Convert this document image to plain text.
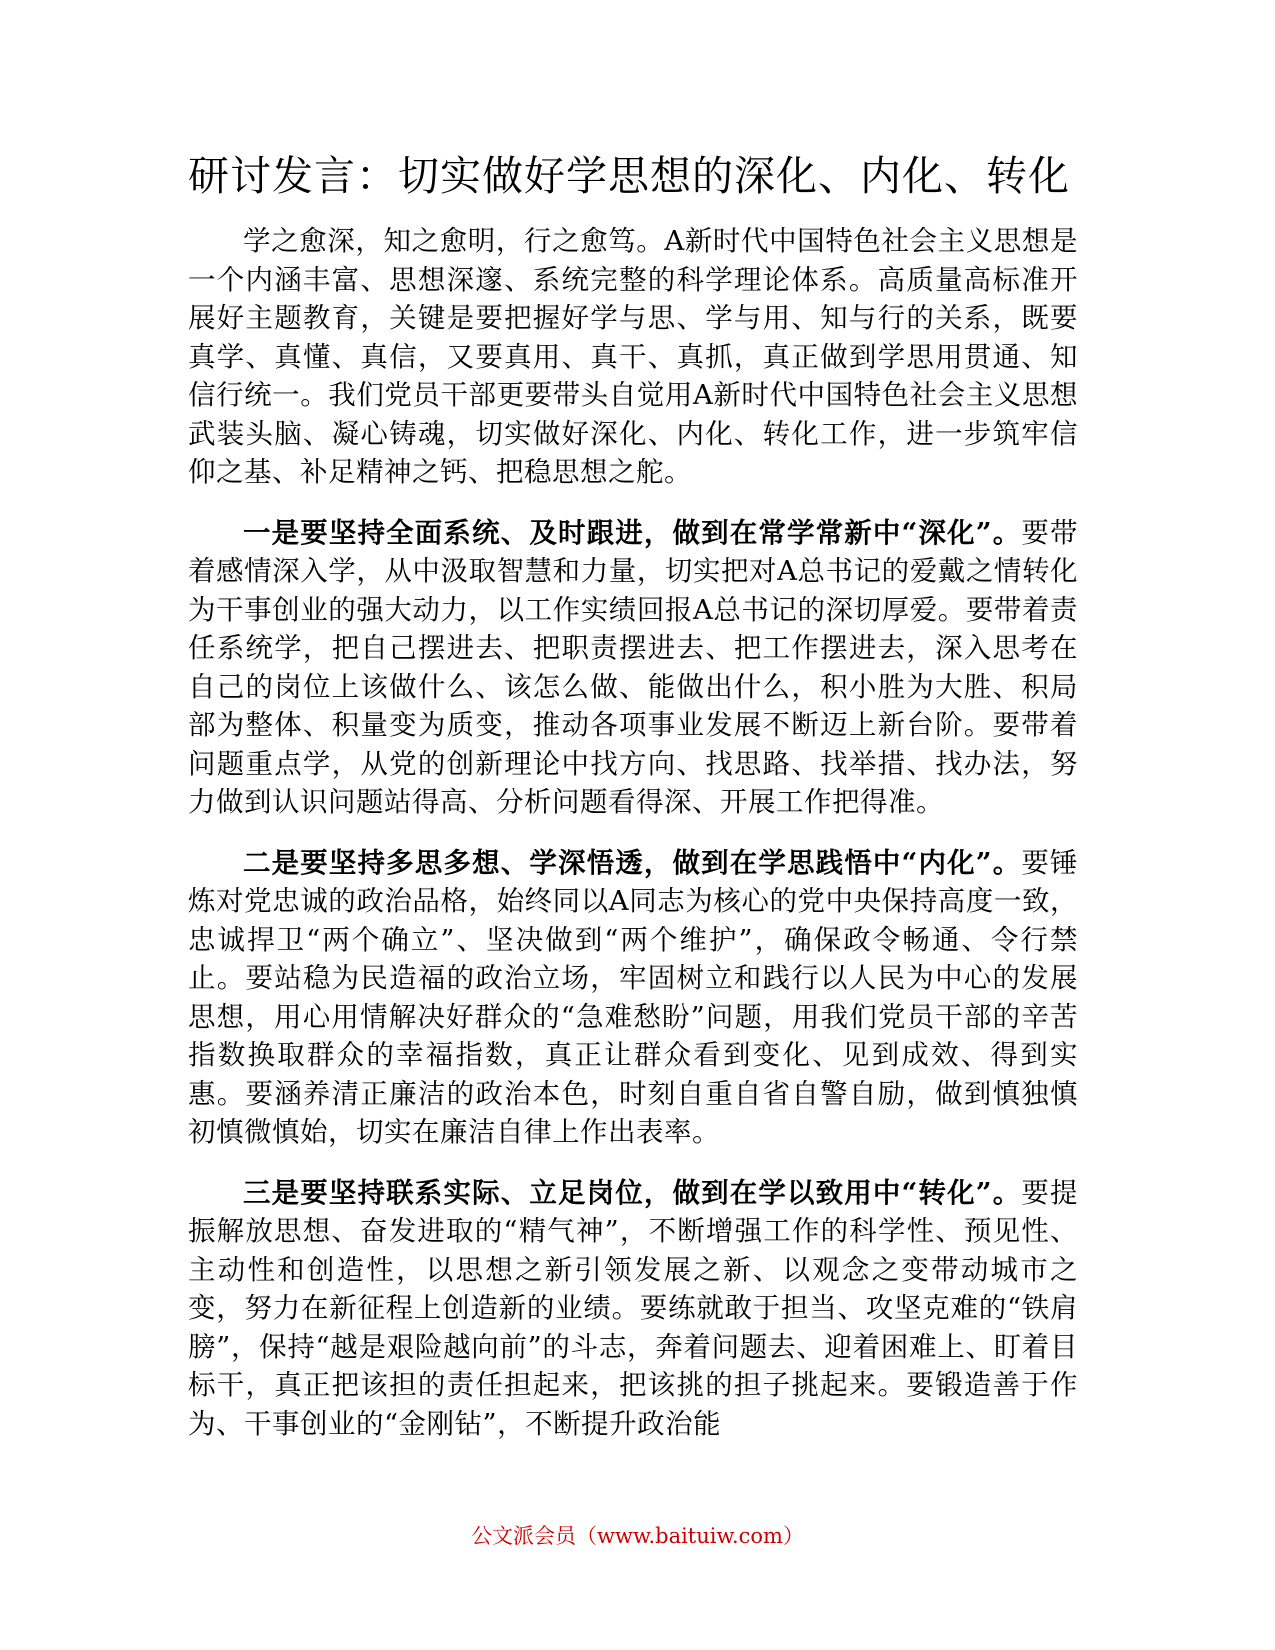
研讨发言：切实做好学思想的深化、内化、转化

学之愈深，知之愈明，行之愈笃。A新时代中国特色社会主义思想是一个内涵丰富、思想深邃、系统完整的科学理论体系。高质量高标准开展好主题教育，关键是要把握好学与思、学与用、知与行的关系，既要真学、真懂、真信，又要真用、真干、真抓，真正做到学思用贯通、知信行统一。我们党员干部更要带头自觉用A新时代中国特色社会主义思想武装头脑、凝心铸魂，切实做好深化、内化、转化工作，进一步筑牢信仰之基、补足精神之钙、把稳思想之舵。

一是要坚持全面系统、及时跟进，做到在常学常新中“深化”。要带着感情深入学，从中汲取智慧和力量，切实把对A总书记的爱戴之情转化为干事创业的强大动力，以工作实绩回报A总书记的深切厚爱。要带着责任系统学，把自己摆进去、把职责摆进去、把工作摆进去，深入思考在自己的岗位上该做什么、该怎么做、能做出什么，积小胜为大胜、积局部为整体、积量变为质变，推动各项事业发展不断迈上新台阶。要带着问题重点学，从党的创新理论中找方向、找思路、找举措、找办法，努力做到认识问题站得高、分析问题看得深、开展工作把得准。

二是要坚持多思多想、学深悟透，做到在学思践悟中“内化”。要锤炼对党忠诚的政治品格，始终同以A同志为核心的党中央保持高度一致，忠诚捍卫“两个确立”、坚决做到“两个维护”，确保政令畅通、令行禁止。要站稳为民造福的政治立场，牢固树立和践行以人民为中心的发展思想，用心用情解决好群众的“急难愁盼”问题，用我们党员干部的辛苦指数换取群众的幸福指数，真正让群众看到变化、见到成效、得到实惠。要涵养清正廉洁的政治本色，时刻自重自省自警自励，做到慎独慎初慎微慎始，切实在廉洁自律上作出表率。

三是要坚持联系实际、立足岗位，做到在学以致用中“转化”。要提振解放思想、奋发进取的“精气神”，不断增强工作的科学性、预见性、主动性和创造性，以思想之新引领发展之新、以观念之变带动城市之变，努力在新征程上创造新的业绩。要练就敢于担当、攻坚克难的“铁肩膀”，保持“越是艰险越向前”的斗志，奔着问题去、迎着困难上、盯着目标干，真正把该担的责任担起来，把该挑的担子挑起来。要锻造善于作为、干事创业的“金刚钻”，不断提升政治能

公文派会员（www.baituiw.com）
